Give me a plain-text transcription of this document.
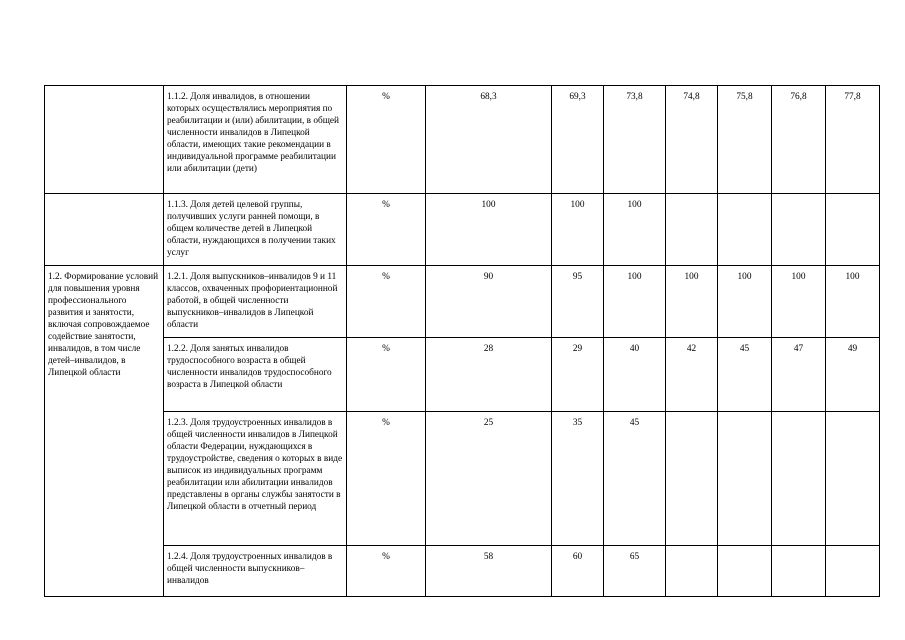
	1.1.2. Доля инвалидов, в отношении которых осуществлялись мероприятия по реабилитации и (или) абилитации, в общей численности инвалидов в Липецкой области, имеющих такие рекомендации в индивидуальной программе реабилитации или абилитации (дети)	%	68,3	69,3	73,8	74,8	75,8	76,8	77,8
	1.1.3. Доля детей целевой группы, получивших услуги ранней помощи, в общем количестве детей в Липецкой области, нуждающихся в получении таких услуг	%	100	100	100				
1.2. Формирование условий для повышения уровня профессионального развития и занятости, включая сопровождаемое содействие занятости, инвалидов, в том числе детей–инвалидов, в Липецкой области	1.2.1. Доля выпускников–инвалидов 9 и 11 классов, охваченных профориентационной работой, в общей численности выпускников–инвалидов в Липецкой области	%	90	95	100	100	100	100	100
	1.2.2. Доля занятых инвалидов трудоспособного возраста в общей численности инвалидов трудоспособного возраста в Липецкой области	%	28	29	40	42	45	47	49
	1.2.3. Доля трудоустроенных инвалидов в общей численности инвалидов в Липецкой области Федерации, нуждающихся в трудоустройстве, сведения о которых в виде выписок из индивидуальных программ реабилитации или абилитации инвалидов представлены в органы службы занятости в Липецкой области в отчетный период	%	25	35	45				
	1.2.4. Доля трудоустроенных инвалидов в общей численности выпускников–инвалидов	%	58	60	65				
